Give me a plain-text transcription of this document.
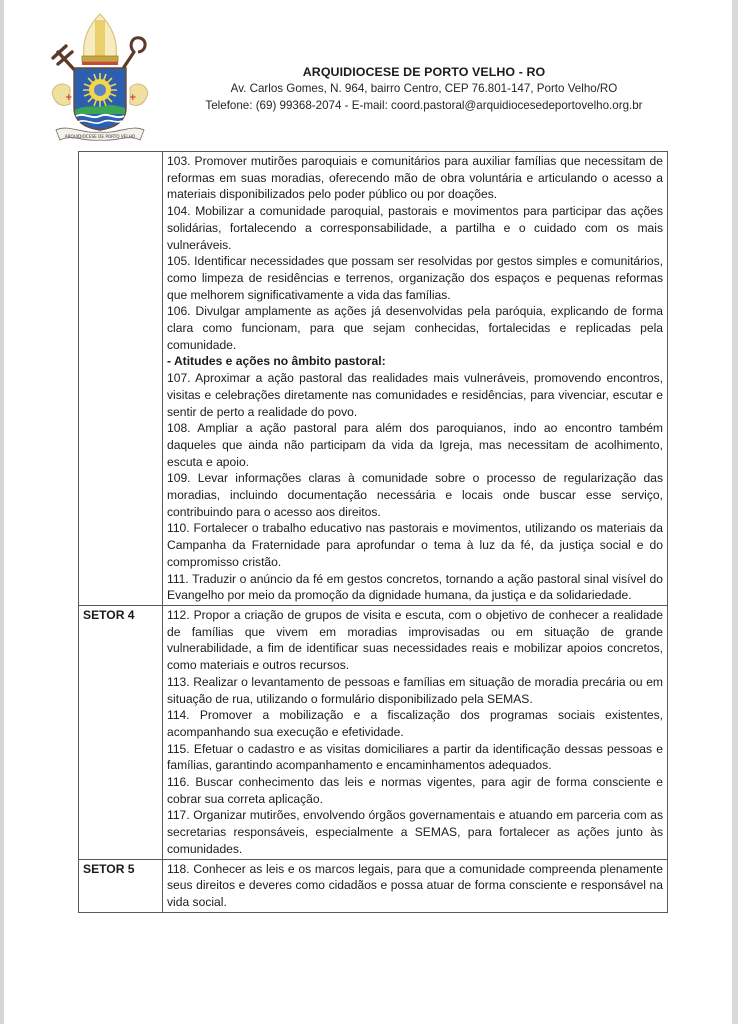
+	+
ARQUIDIOCESE DE PORTO VELHO
ARQUIDIOCESE DE PORTO VELHO - RO
Av. Carlos Gomes, N. 964, bairro Centro, CEP 76.801-147, Porto Velho/RO
Telefone: (69) 99368-2074 - E-mail: coord.pastoral@arquidiocesedeportovelho.org.br

103. Promover mutirões paroquiais e comunitários para auxiliar famílias que necessitam de reformas em suas moradias, oferecendo mão de obra voluntária e articulando o acesso a materiais disponibilizados pelo poder público ou por doações.

104. Mobilizar a comunidade paroquial, pastorais e movimentos para participar das ações solidárias, fortalecendo a corresponsabilidade, a partilha e o cuidado com os mais vulneráveis.

105. Identificar necessidades que possam ser resolvidas por gestos simples e comunitários, como limpeza de residências e terrenos, organização dos espaços e pequenas reformas que melhorem significativamente a vida das famílias.

106. Divulgar amplamente as ações já desenvolvidas pela paróquia, explicando de forma clara como funcionam, para que sejam conhecidas, fortalecidas e replicadas pela comunidade.

- Atitudes e ações no âmbito pastoral:

107. Aproximar a ação pastoral das realidades mais vulneráveis, promovendo encontros, visitas e celebrações diretamente nas comunidades e residências, para vivenciar, escutar e sentir de perto a realidade do povo.

108. Ampliar a ação pastoral para além dos paroquianos, indo ao encontro também daqueles que ainda não participam da vida da Igreja, mas necessitam de acolhimento, escuta e apoio.

109. Levar informações claras à comunidade sobre o processo de regularização das moradias, incluindo documentação necessária e locais onde buscar esse serviço, contribuindo para o acesso aos direitos.

110. Fortalecer o trabalho educativo nas pastorais e movimentos, utilizando os materiais da Campanha da Fraternidade para aprofundar o tema à luz da fé, da justiça social e do compromisso cristão.

111. Traduzir o anúncio da fé em gestos concretos, tornando a ação pastoral sinal visível do Evangelho por meio da promoção da dignidade humana, da justiça e da solidariedade.

SETOR 4	112. Propor a criação de grupos de visita e escuta, com o objetivo de conhecer a realidade de famílias que vivem em moradias improvisadas ou em situação de grande vulnerabilidade, a fim de identificar suas necessidades reais e mobilizar apoios concretos, como materiais e outros recursos.

113. Realizar o levantamento de pessoas e famílias em situação de moradia precária ou em situação de rua, utilizando o formulário disponibilizado pela SEMAS.

114. Promover a mobilização e a fiscalização dos programas sociais existentes, acompanhando sua execução e efetividade.

115. Efetuar o cadastro e as visitas domiciliares a partir da identificação dessas pessoas e famílias, garantindo acompanhamento e encaminhamentos adequados.

116. Buscar conhecimento das leis e normas vigentes, para agir de forma consciente e cobrar sua correta aplicação.

117. Organizar mutirões, envolvendo órgãos governamentais e atuando em parceria com as secretarias responsáveis, especialmente a SEMAS, para fortalecer as ações junto às comunidades.

SETOR 5	118. Conhecer as leis e os marcos legais, para que a comunidade compreenda plenamente seus direitos e deveres como cidadãos e possa atuar de forma consciente e responsável na vida social.
